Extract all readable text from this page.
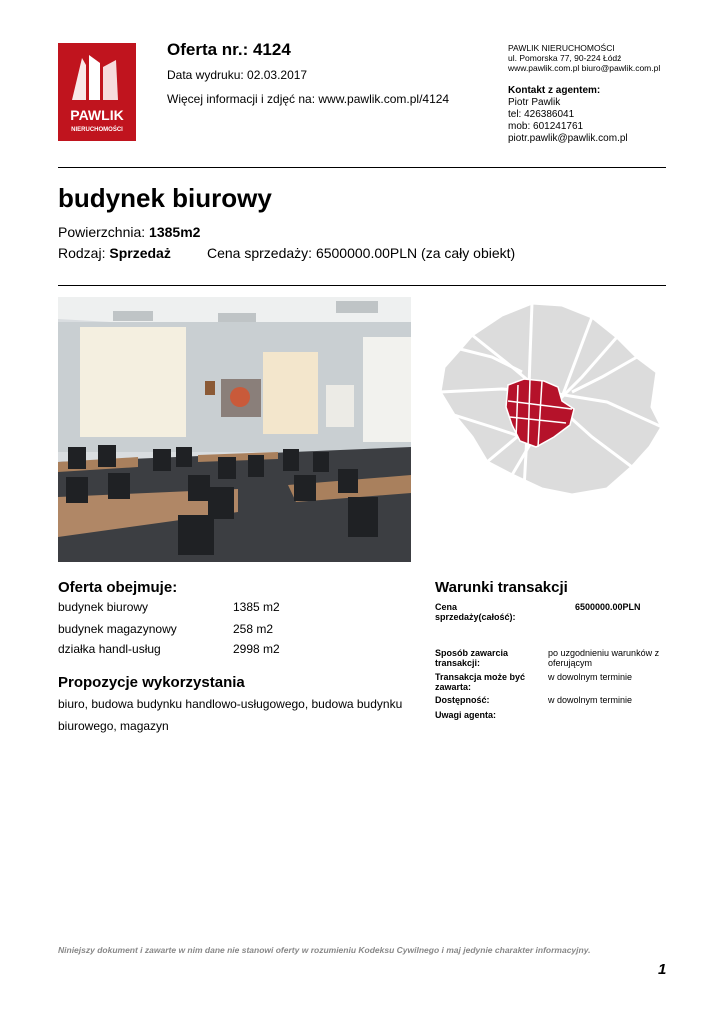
PAWLIK
NIERUCHOMOŚCI
Oferta nr.: 4124
Data wydruku: 02.03.2017
Więcej informacji i zdjęć na: www.pawlik.com.pl/4124
PAWLIK NIERUCHOMOŚCI
ul. Pomorska 77, 90-224 Łódź
www.pawlik.com.pl biuro@pawlik.com.pl
Kontakt z agentem:
Piotr Pawlik
tel: 426386041
mob: 601241761
piotr.pawlik@pawlik.com.pl
budynek biurowy
Powierzchnia: 1385m2
Rodzaj: Sprzedaż	Cena sprzedaży: 6500000.00PLN (za cały obiekt)
Oferta obejmuje:
budynek biurowy	1385 m2
budynek magazynowy	258 m2
działka handl-usług	2998 m2
Propozycje wykorzystania
biuro, budowa budynku handlowo-usługowego, budowa budynku biurowego, magazyn
Warunki transakcji
Cena sprzedaży(całość):
6500000.00PLN
Sposób zawarcia transakcji:
po uzgodnieniu warunków z oferującym
Transakcja może być zawarta:
w dowolnym terminie
Dostępność:	w dowolnym terminie
Uwagi agenta:
Niniejszy dokument i zawarte w nim dane nie stanowi oferty w rozumieniu Kodeksu Cywilnego i maj jedynie charakter informacyjny.
1
